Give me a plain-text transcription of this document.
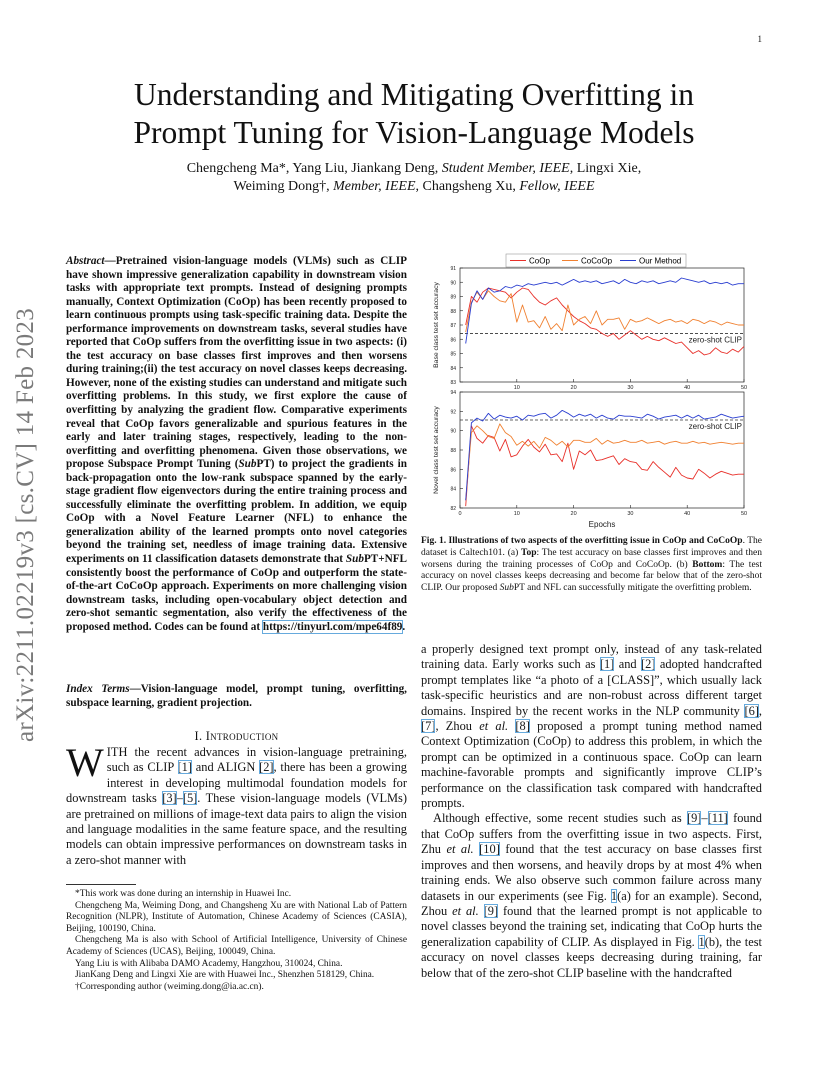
1
arXiv:2211.02219v3 [cs.CV] 14 Feb 2023
Understanding and Mitigating Overfitting in
Prompt Tuning for Vision-Language Models
Chengcheng Ma*, Yang Liu, Jiankang Deng, Student Member, IEEE, Lingxi Xie,
Weiming Dong†, Member, IEEE, Changsheng Xu, Fellow, IEEE
Abstract—Pretrained vision-language models (VLMs) such as CLIP have shown impressive generalization capability in downstream vision tasks with appropriate text prompts. Instead of designing prompts manually, Context Optimization (CoOp) has been recently proposed to learn continuous prompts using task-specific training data. Despite the performance improvements on downstream tasks, several studies have reported that CoOp suffers from the overfitting issue in two aspects: (i) the test accuracy on base classes first improves and then worsens during training;(ii) the test accuracy on novel classes keeps decreasing. However, none of the existing studies can understand and mitigate such overfitting problems. In this study, we first explore the cause of overfitting by analyzing the gradient flow. Comparative experiments reveal that CoOp favors generalizable and spurious features in the early and later training stages, respectively, leading to the non-overfitting and overfitting phenomena. Given those observations, we propose Subspace Prompt Tuning (SubPT) to project the gradients in back-propagation onto the low-rank subspace spanned by the early-stage gradient flow eigenvectors during the entire training process and successfully eliminate the overfitting problem. In addition, we equip CoOp with a Novel Feature Learner (NFL) to enhance the generalization ability of the learned prompts onto novel categories beyond the training set, needless of image training data. Extensive experiments on 11 classification datasets demonstrate that SubPT+NFL consistently boost the performance of CoOp and outperform the state-of-the-art CoCoOp approach. Experiments on more challenging vision downstream tasks, including open-vocabulary object detection and zero-shot semantic segmentation, also verify the effectiveness of the proposed method. Codes can be found at https://tinyurl.com/mpe64f89.
Index Terms—Vision-language model, prompt tuning, overfitting, subspace learning, gradient projection.
I. Introduction
WITH the recent advances in vision-language pretraining, such as CLIP [1] and ALIGN [2], there has been a growing interest in developing multimodal foundation models for downstream tasks [3]–[5]. These vision-language models (VLMs) are pretrained on millions of image-text data pairs to align the vision and language modalities in the same feature space, and the resulting models can obtain impressive performances on downstream tasks in a zero-shot manner with

*This work was done during an internship in Huawei Inc.

Chengcheng Ma, Weiming Dong, and Changsheng Xu are with National Lab of Pattern Recognition (NLPR), Institute of Automation, Chinese Academy of Sciences (CASIA), Beijing, 100190, China.

Chengcheng Ma is also with School of Artificial Intelligence, University of Chinese Academy of Sciences (UCAS), Beijing, 100049, China.

Yang Liu is with Alibaba DAMO Academy, Hangzhou, 310024, China.

JianKang Deng and Lingxi Xie are with Huawei Inc., Shenzhen 518129, China.

†Corresponding author (weiming.dong@ia.ac.cn).

CoOp	CoCoOp	Our Method
83
84
85
86
87
88
89
90
91
10	20	30	40	50
zero-shot CLIP
Base class test set accuracy
82
84
86
88
90
92
94
0	10	20	30	40	50
zero-shot CLIP
Novel class test set accuracy
Epochs
Fig. 1. Illustrations of two aspects of the overfitting issue in CoOp and CoCoOp. The dataset is Caltech101. (a) Top: The test accuracy on base classes first improves and then worsens during the training processes of CoOp and CoCoOp. (b) Bottom: The test accuracy on novel classes keeps decreasing and become far below that of the zero-shot CLIP. Our proposed SubPT and NFL can successfully mitigate the overfitting problem.

a properly designed text prompt only, instead of any task-related training data. Early works such as [1] and [2] adopted handcrafted prompt templates like “a photo of a [CLASS]”, which usually lack task-specific heuristics and are non-robust across different target domains. Inspired by the recent works in the NLP community [6], [7], Zhou et al. [8] proposed a prompt tuning method named Context Optimization (CoOp) to address this problem, in which the prompt can be optimized in a continuous space. CoOp can learn machine-favorable prompts and significantly improve CLIP’s performance on the classification task compared with handcrafted prompts.

Although effective, some recent studies such as [9]–[11] found that CoOp suffers from the overfitting issue in two aspects. First, Zhu et al. [10] found that the test accuracy on base classes first improves and then worsens, and heavily drops by at most 4% when training ends. We also observe such common failure across many datasets in our experiments (see Fig. 1(a) for an example). Second, Zhou et al. [9] found that the learned prompt is not applicable to novel classes beyond the training set, indicating that CoOp hurts the generalization capability of CLIP. As displayed in Fig. 1(b), the test accuracy on novel classes keeps decreasing during training, far below that of the zero-shot CLIP baseline with the handcrafted
